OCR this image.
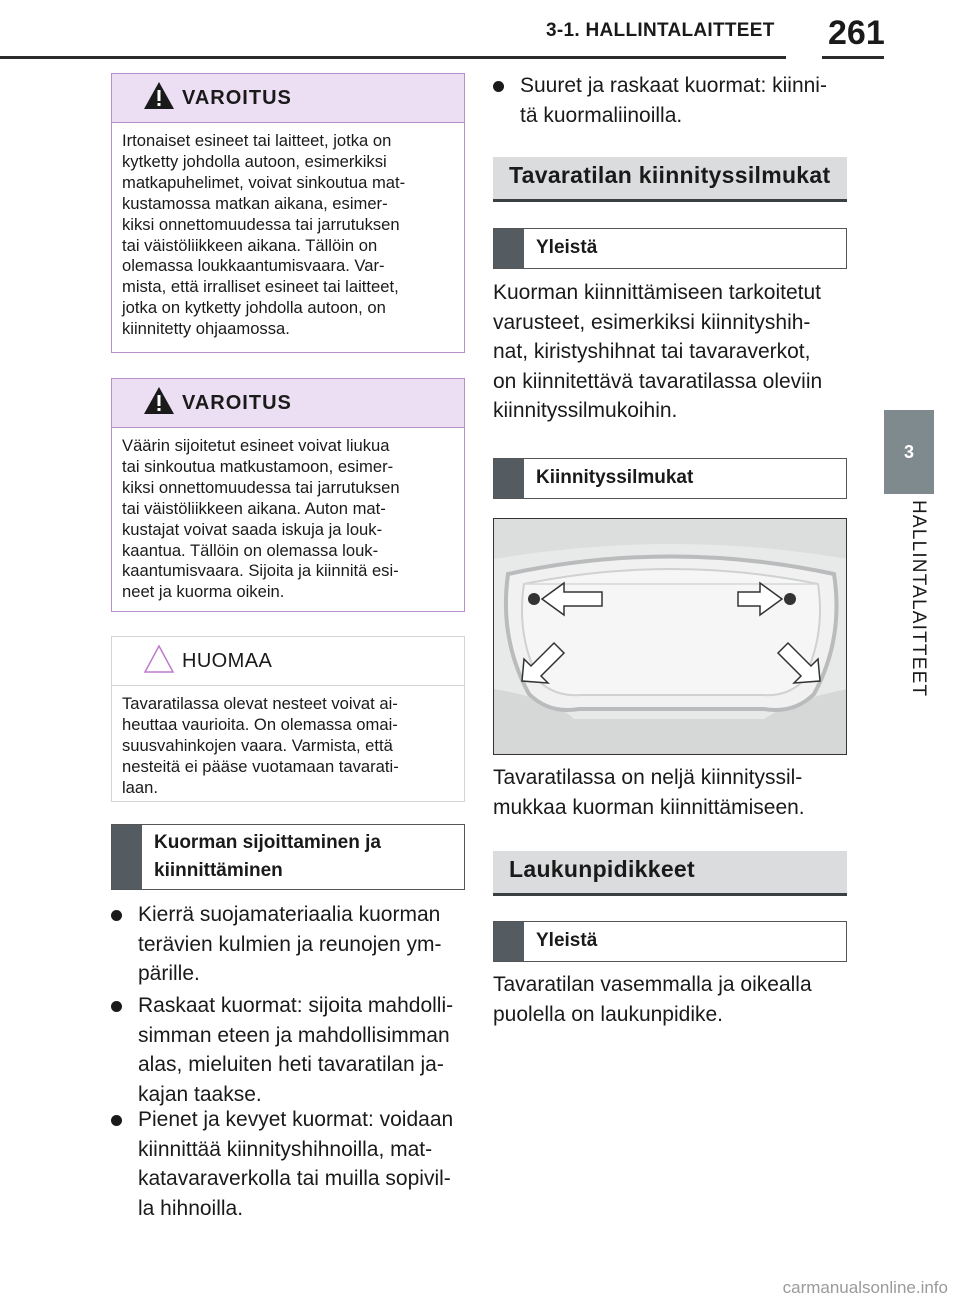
3-1. HALLINTALAITTEET 261
3
HALLINTALAITTEET
VAROITUS
Irtonaiset esineet tai laitteet, jotka on
kytketty johdolla autoon, esimerkiksi
matkapuhelimet, voivat sinkoutua mat-
kustamossa matkan aikana, esimer-
kiksi onnettomuudessa tai jarrutuksen
tai väistöliikkeen aikana. Tällöin on
olemassa loukkaantumisvaara. Var-
mista, että irralliset esineet tai laitteet,
jotka on kytketty johdolla autoon, on
kiinnitetty ohjaamossa.
VAROITUS
Väärin sijoitetut esineet voivat liukua
tai sinkoutua matkustamoon, esimer-
kiksi onnettomuudessa tai jarrutuksen
tai väistöliikkeen aikana. Auton mat-
kustajat voivat saada iskuja ja louk-
kaantua. Tällöin on olemassa louk-
kaantumisvaara. Sijoita ja kiinnitä esi-
neet ja kuorma oikein.
HUOMAA
Tavaratilassa olevat nesteet voivat ai-
heuttaa vaurioita. On olemassa omai-
suusvahinkojen vaara. Varmista, että
nesteitä ei pääse vuotamaan tavarati-
laan.
Kuorman sijoittaminen ja
kiinnittäminen
Kierrä suojamateriaalia kuorman
terävien kulmien ja reunojen ym-
pärille.
Raskaat kuormat: sijoita mahdolli-
simman eteen ja mahdollisimman
alas, mieluiten heti tavaratilan ja-
kajan taakse.
Pienet ja kevyet kuormat: voidaan
kiinnittää kiinnityshihnoilla, mat-
katavaraverkolla tai muilla sopivil-
la hihnoilla.
Suuret ja raskaat kuormat: kiinni-
tä kuormaliinoilla.
Tavaratilan kiinnityssilmukat
Yleistä
Kuorman kiinnittämiseen tarkoitetut
varusteet, esimerkiksi kiinnityshih-
nat, kiristyshihnat tai tavaraverkot,
on kiinnitettävä tavaratilassa oleviin
kiinnityssilmukoihin.
Kiinnityssilmukat
Tavaratilassa on neljä kiinnityssil-
mukkaa kuorman kiinnittämiseen.
Laukunpidikkeet
Yleistä
Tavaratilan vasemmalla ja oikealla
puolella on laukunpidike.
carmanualsonline.info
